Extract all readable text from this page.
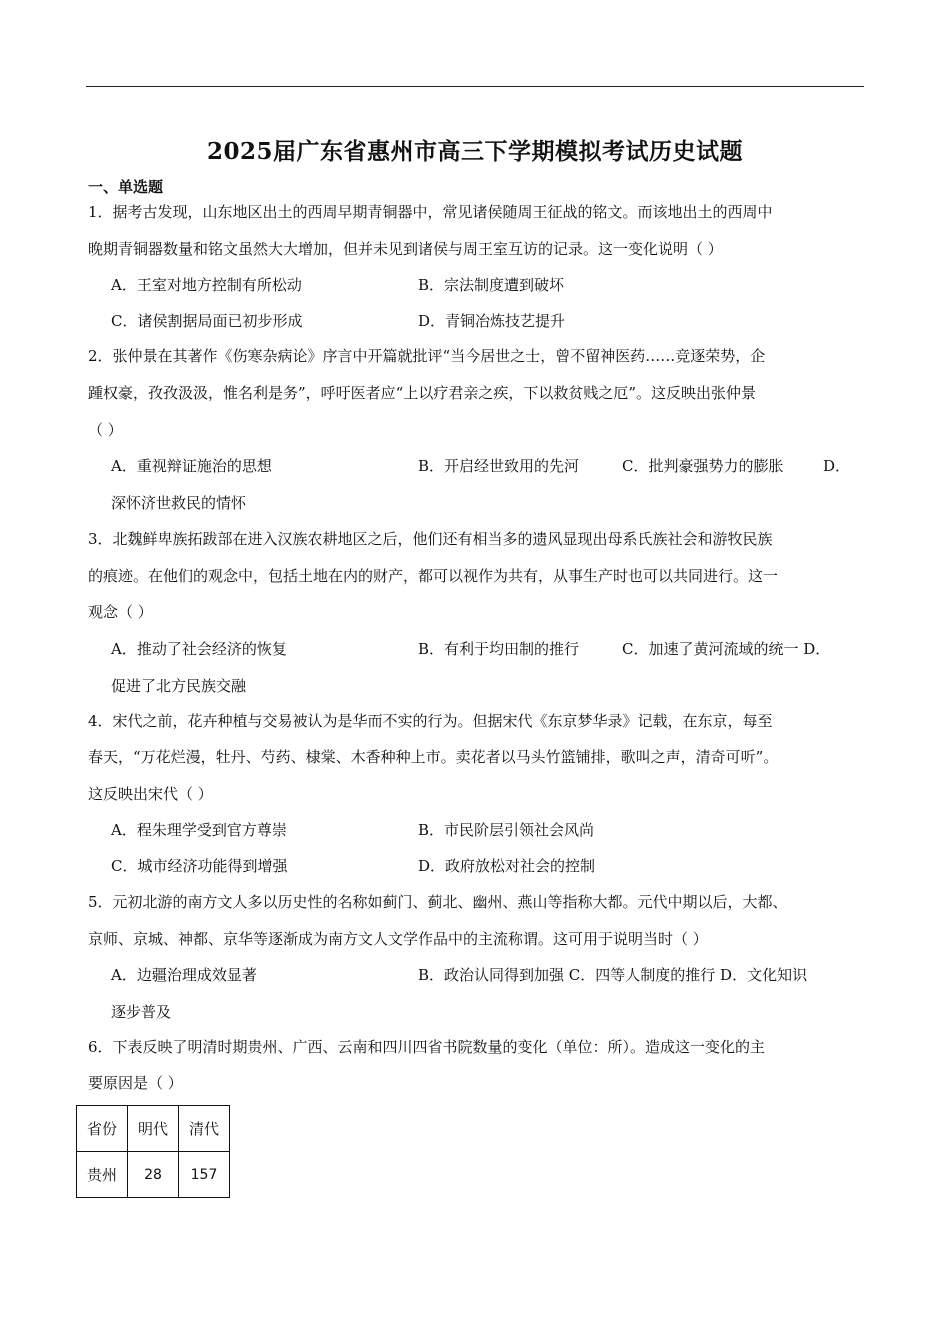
2025届广东省惠州市高三下学期模拟考试历史试题
一、单选题
1．据考古发现，山东地区出土的西周早期青铜器中，常见诸侯随周王征战的铭文。而该地出土的西周中
晚期青铜器数量和铭文虽然大大增加，但并未见到诸侯与周王室互访的记录。这一变化说明（ ）
A．王室对地方控制有所松动	B．宗法制度遭到破坏
C．诸侯割据局面已初步形成	D．青铜冶炼技艺提升
2．张仲景在其著作《伤寒杂病论》序言中开篇就批评“当今居世之士，曾不留神医药……竞逐荣势，企
踵权豪，孜孜汲汲，惟名利是务”，呼吁医者应“上以疗君亲之疾，下以救贫贱之厄”。这反映出张仲景
（ ）
A．重视辩证施治的思想	B．开启经世致用的先河	C．批判豪强势力的膨胀	D．
深怀济世救民的情怀
3．北魏鲜卑族拓跋部在进入汉族农耕地区之后，他们还有相当多的遗风显现出母系氏族社会和游牧民族
的痕迹。在他们的观念中，包括土地在内的财产，都可以视作为共有，从事生产时也可以共同进行。这一
观念（ ）
A．推动了社会经济的恢复	B．有利于均田制的推行	C．加速了黄河流域的统一 D．
促进了北方民族交融
4．宋代之前，花卉种植与交易被认为是华而不实的行为。但据宋代《东京梦华录》记载，在东京，每至
春天，“万花烂漫，牡丹、芍药、棣棠、木香种种上市。卖花者以马头竹篮铺排，歌叫之声，清奇可听”。
这反映出宋代（ ）
A．程朱理学受到官方尊崇	B．市民阶层引领社会风尚
C．城市经济功能得到增强	D．政府放松对社会的控制
5．元初北游的南方文人多以历史性的名称如蓟门、蓟北、幽州、燕山等指称大都。元代中期以后，大都、
京师、京城、神都、京华等逐渐成为南方文人文学作品中的主流称谓。这可用于说明当时（ ）
A．边疆治理成效显著	B．政治认同得到加强 C．四等人制度的推行 D．文化知识
逐步普及
6．下表反映了明清时期贵州、广西、云南和四川四省书院数量的变化（单位：所）。造成这一变化的主
要原因是（ ）
省份	明代	清代
贵州	28	157
